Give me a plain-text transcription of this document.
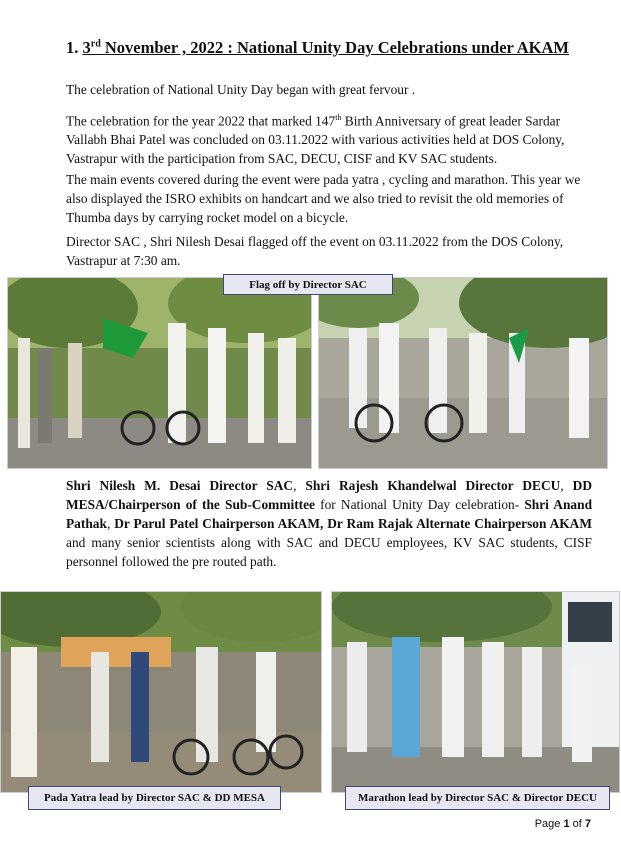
1. 3rd November , 2022 : National Unity Day Celebrations under AKAM

The celebration of National Unity Day began with great fervour .

The celebration for the year 2022 that marked 147th Birth Anniversary of great leader Sardar Vallabh Bhai Patel was concluded on 03.11.2022 with various activities held at DOS Colony, Vastrapur with the participation from SAC, DECU, CISF and KV SAC students.

The main events covered during the event were pada yatra , cycling and marathon. This year we also displayed the ISRO exhibits on handcart and we also tried to revisit the old memories of Thumba days by carrying rocket model on a bicycle.

Director SAC , Shri Nilesh Desai flagged off the event on 03.11.2022 from the DOS Colony, Vastrapur at 7:30 am.

Flag off by Director SAC

Shri Nilesh M. Desai Director SAC, Shri Rajesh Khandelwal Director DECU, DD MESA/Chairperson of the Sub-Committee for National Unity Day celebration- Shri Anand Pathak, Dr Parul Patel Chairperson AKAM, Dr Ram Rajak Alternate Chairperson AKAM and many senior scientists along with SAC and DECU employees, KV SAC students, CISF personnel followed the pre routed path.

Pada Yatra lead by Director SAC & DD MESA	Marathon lead by Director SAC & Director DECU
Page 1 of 7
